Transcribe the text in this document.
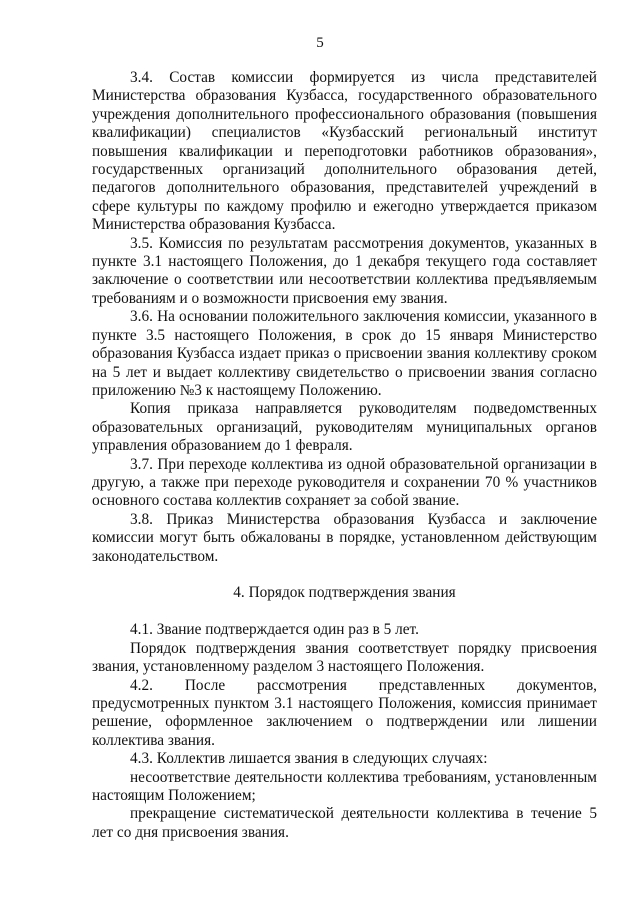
5

3.4. Состав комиссии формируется из числа представителей Министерства образования Кузбасса, государственного образовательного учреждения дополнительного профессионального образования (повышения квалификации) специалистов «Кузбасский региональный институт повышения квалификации и переподготовки работников образования», государственных организаций дополнительного образования детей, педагогов дополнительного образования, представителей учреждений в сфере культуры по каждому профилю и ежегодно утверждается приказом Министерства образования Кузбасса.

3.5. Комиссия по результатам рассмотрения документов, указанных в пункте 3.1 настоящего Положения, до 1 декабря текущего года составляет заключение о соответствии или несоответствии коллектива предъявляемым требованиям и о возможности присвоения ему звания.

3.6. На основании положительного заключения комиссии, указанного в пункте 3.5 настоящего Положения, в срок до 15 января Министерство образования Кузбасса издает приказ о присвоении звания коллективу сроком на 5 лет и выдает коллективу свидетельство о присвоении звания согласно приложению №3 к настоящему Положению.

Копия приказа направляется руководителям подведомственных образовательных организаций, руководителям муниципальных органов управления образованием до 1 февраля.

3.7. При переходе коллектива из одной образовательной организации в другую, а также при переходе руководителя и сохранении 70 % участников основного состава коллектив сохраняет за собой звание.

3.8. Приказ Министерства образования Кузбасса и заключение комиссии могут быть обжалованы в порядке, установленном действующим законодательством.

4. Порядок подтверждения звания

4.1. Звание подтверждается один раз в 5 лет.

Порядок подтверждения звания соответствует порядку присвоения звания, установленному разделом 3 настоящего Положения.

4.2. После рассмотрения представленных документов, предусмотренных пунктом 3.1 настоящего Положения, комиссия принимает решение, оформленное заключением о подтверждении или лишении коллектива звания.

4.3. Коллектив лишается звания в следующих случаях:

несоответствие деятельности коллектива требованиям, установленным настоящим Положением;

прекращение систематической деятельности коллектива в течение 5 лет со дня присвоения звания.
